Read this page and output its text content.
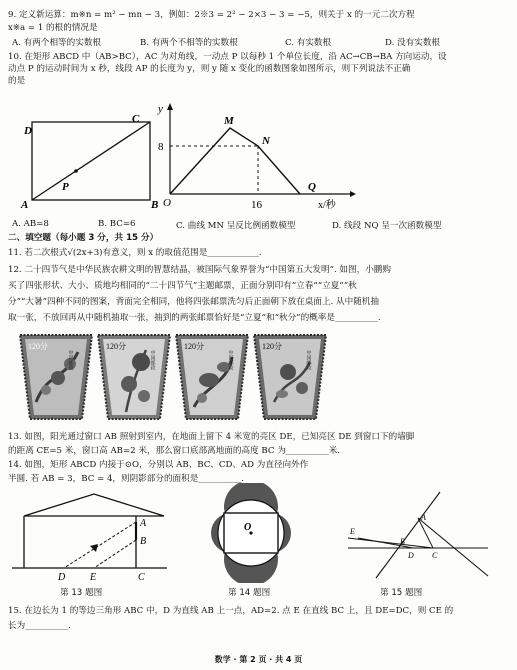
9. 定义新运算：m※n = m² − mn − 3，例如：2※3 = 2² − 2×3 − 3 = −5，则关于 x 的一元二次方程
x※a = 1 的根的情况是
A. 有两个相等的实数根	B. 有两个不相等的实数根	C. 有实数根	D. 没有实数根
10. 在矩形 ABCD 中（AB>BC），AC 为对角线，一动点 P 以每秒 1 个单位长度，沿 AC→CB→BA 方向运动，设
动点 P 的运动时间为 x 秒，线段 AP 的长度为 y，则 y 随 x 变化的函数图象如图所示，则下列说法不正确
的是
D
C
A	B
P
y
8
O	16
M
N
Q
x/秒
A. AB=8	B. BC=6	C. 曲线 MN 呈反比例函数模型	D. 线段 NQ 呈一次函数模型
二、填空题（每小题 3 分，共 15 分）
11. 若二次根式√(2x+3)有意义，则 x 的取值范围是____________.
12. 二十四节气是中华民族农耕文明的智慧结晶，被国际气象界誉为“中国第五大发明”. 如图，小鹏购
买了四张形状、大小、质地均相同的“二十四节气”主题邮票，正面分别印有“立春”“立夏”“秋
分”“大暑”四种不同的图案，背面完全相同，他将四张邮票洗匀后正面朝下放在桌面上. 从中随机抽
取一张，不放回再从中随机抽取一张，抽到的两张邮票恰好是“立夏”和“秋分”的概率是__________.
120分
中国邮政
120分
中国邮政
120分
中国邮政
120分
中国邮政
13. 如图，阳光通过窗口 AB 照射到室内，在地面上留下 4 米宽的亮区 DE，已知亮区 DE 到窗口下的墙脚
的距离 CE=5 米，窗口高 AB=2 米，那么窗口底部离地面的高度 BC 为__________米.
14. 如图，矩形 ABCD 内接于⊙O，分别以 AB、BC、CD、AD 为直径向外作
半圆. 若 AB = 3，BC = 4，则阴影部分的面积是__________.
A
B
C
D E
第 13 题图
A	D
B	C
O
第 14 题图
A
B
C
D
E
第 15 题图
15. 在边长为 1 的等边三角形 ABC 中，D 为直线 AB 上一点，AD=2. 点 E 在直线 BC 上，且 DE=DC，则 CE 的
长为__________.
数学 · 第 2 页 · 共 4 页
